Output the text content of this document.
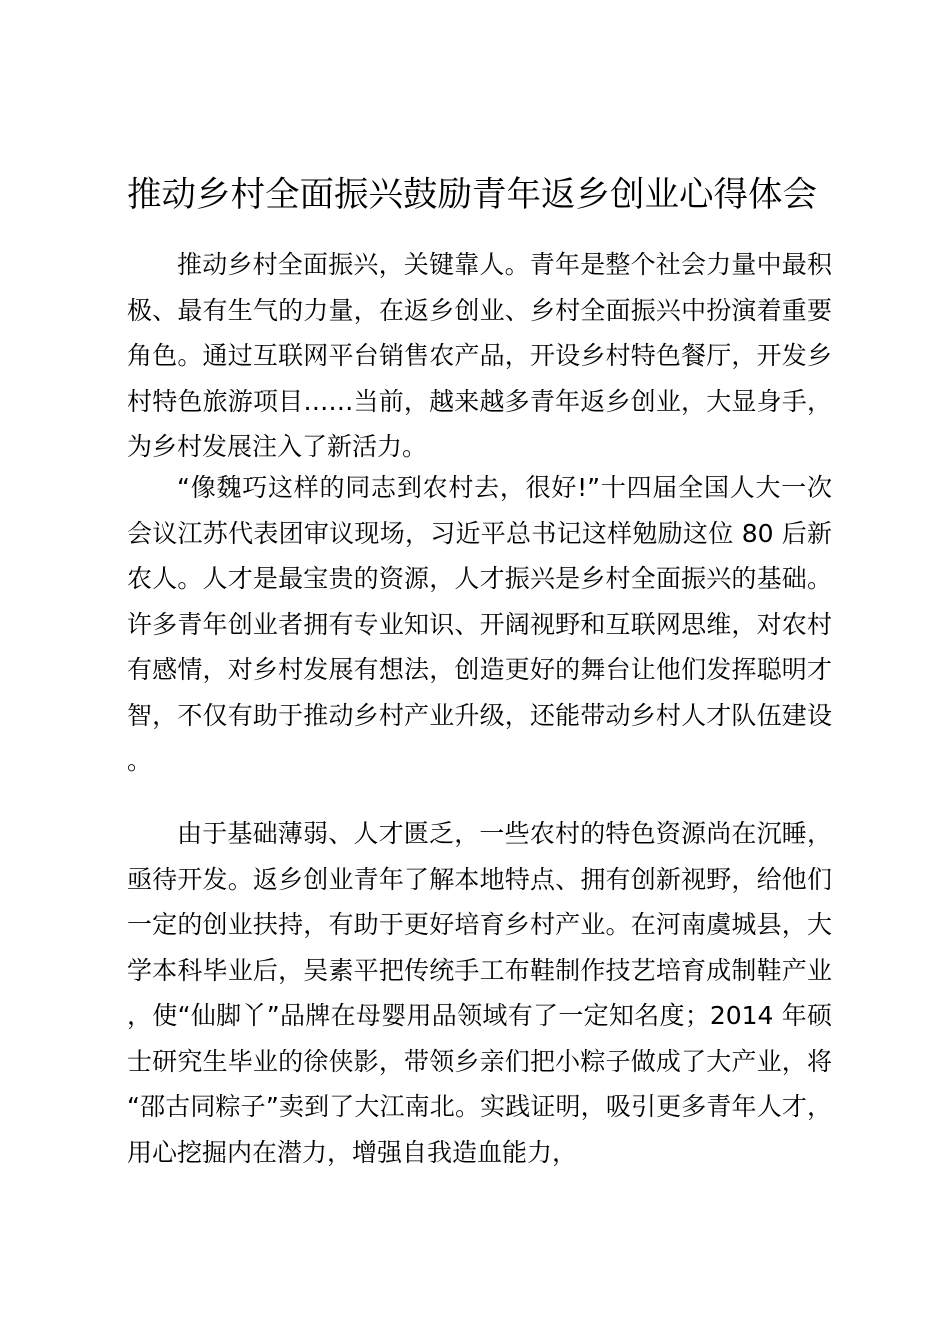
推动乡村全面振兴鼓励青年返乡创业心得体会

推动乡村全面振兴，关键靠人。青年是整个社会力量中最积极、最有生气的力量，在返乡创业、乡村全面振兴中扮演着重要角色。通过互联网平台销售农产品，开设乡村特色餐厅，开发乡村特色旅游项目……当前，越来越多青年返乡创业，大显身手，为乡村发展注入了新活力。

“像魏巧这样的同志到农村去，很好!”十四届全国人大一次会议江苏代表团审议现场，习近平总书记这样勉励这位 80 后新农人。人才是最宝贵的资源，人才振兴是乡村全面振兴的基础。许多青年创业者拥有专业知识、开阔视野和互联网思维，对农村有感情，对乡村发展有想法，创造更好的舞台让他们发挥聪明才智，不仅有助于推动乡村产业升级，还能带动乡村人才队伍建设。

由于基础薄弱、人才匮乏，一些农村的特色资源尚在沉睡，亟待开发。返乡创业青年了解本地特点、拥有创新视野，给他们一定的创业扶持，有助于更好培育乡村产业。在河南虞城县，大学本科毕业后，吴素平把传统手工布鞋制作技艺培育成制鞋产业，使“仙脚丫”品牌在母婴用品领域有了一定知名度；2014 年硕士研究生毕业的徐侠影，带领乡亲们把小粽子做成了大产业，将“邵古同粽子”卖到了大江南北。实践证明，吸引更多青年人才，用心挖掘内在潜力，增强自我造血能力，
